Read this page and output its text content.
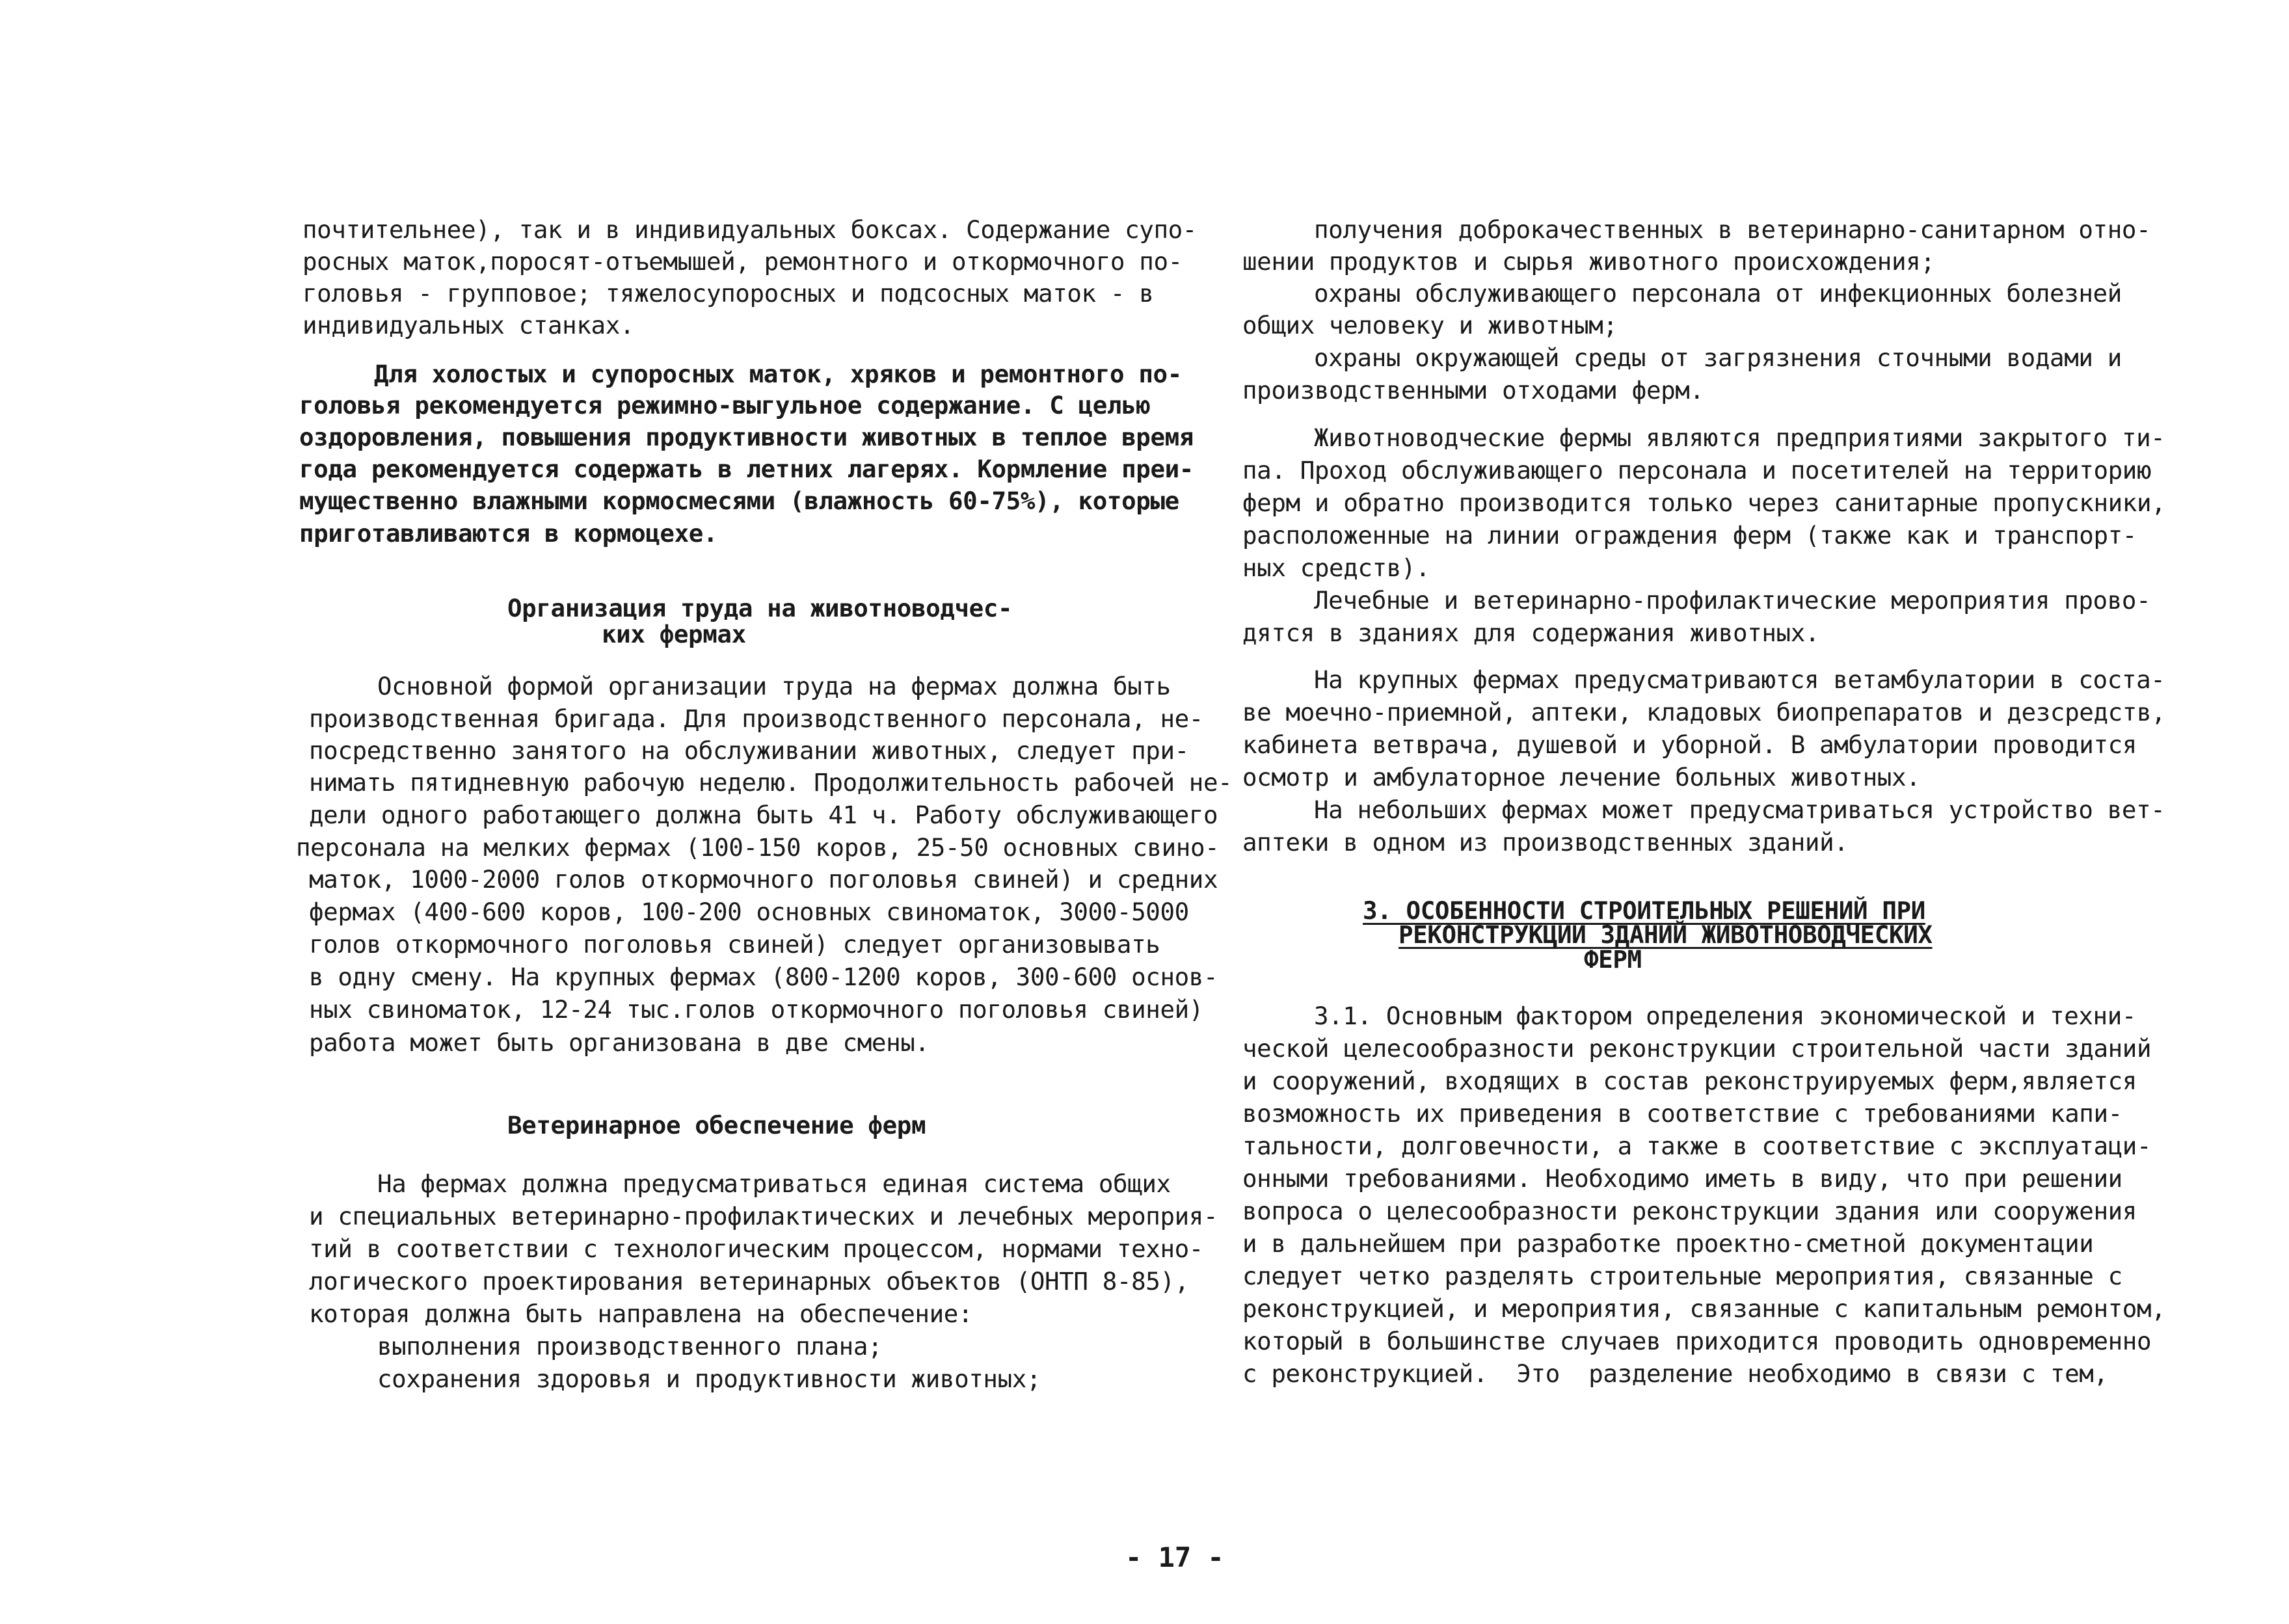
почтительнее), так и в индивидуальных боксах. Содержание супо-
росных маток,поросят-отъемышей, ремонтного и откормочного по-
головья - групповое; тяжелосупоросных и подсосных маток - в
индивидуальных станках.
Для холостых и супоросных маток, хряков и ремонтного по-
головья рекомендуется режимно-выгульное содержание. С целью
оздоровления, повышения продуктивности животных в теплое время
года рекомендуется содержать в летних лагерях. Кормление преи-
мущественно влажными кормосмесями (влажность 60-75%), которые
приготавливаются в кормоцехе.
Организация труда на животноводчес-
ких фермах
Основной формой организации труда на фермах должна быть
производственная бригада. Для производственного персонала, не-
посредственно занятого на обслуживании животных, следует при-
нимать пятидневную рабочую неделю. Продолжительность рабочей не-
дели одного работающего должна быть 41 ч. Работу обслуживающего
персонала на мелких фермах (100-150 коров, 25-50 основных свино-
маток, 1000-2000 голов откормочного поголовья свиней) и средних
фермах (400-600 коров, 100-200 основных свиноматок, 3000-5000
голов откормочного поголовья свиней) следует организовывать
в одну смену. На крупных фермах (800-1200 коров, 300-600 основ-
ных свиноматок, 12-24 тыс.голов откормочного поголовья свиней)
работа может быть организована в две смены.
Ветеринарное обеспечение ферм
На фермах должна предусматриваться единая система общих
и специальных ветеринарно-профилактических и лечебных мероприя-
тий в соответствии с технологическим процессом, нормами техно-
логического проектирования ветеринарных объектов (ОНТП 8-85),
которая должна быть направлена на обеспечение:
выполнения производственного плана;
сохранения здоровья и продуктивности животных;
получения доброкачественных в ветеринарно-санитарном отно-
шении продуктов и сырья животного происхождения;
охраны обслуживающего персонала от инфекционных болезней
общих человеку и животным;
охраны окружающей среды от загрязнения сточными водами и
производственными отходами ферм.
Животноводческие фермы являются предприятиями закрытого ти-
па. Проход обслуживающего персонала и посетителей на территорию
ферм и обратно производится только через санитарные пропускники,
расположенные на линии ограждения ферм (также как и транспорт-
ных средств).
Лечебные и ветеринарно-профилактические мероприятия прово-
дятся в зданиях для содержания животных.
На крупных фермах предусматриваются ветамбулатории в соста-
ве моечно-приемной, аптеки, кладовых биопрепаратов и дезсредств,
кабинета ветврача, душевой и уборной. В амбулатории проводится
осмотр и амбулаторное лечение больных животных.
На небольших фермах может предусматриваться устройство вет-
аптеки в одном из производственных зданий.
3. ОСОБЕННОСТИ СТРОИТЕЛЬНЫХ РЕШЕНИЙ ПРИ
РЕКОНСТРУКЦИИ ЗДАНИЙ ЖИВОТНОВОДЧЕСКИХ
ФЕРМ
3.1. Основным фактором определения экономической и техни-
ческой целесообразности реконструкции строительной части зданий
и сооружений, входящих в состав реконструируемых ферм,является
возможность их приведения в соответствие с требованиями капи-
тальности, долговечности, а также в соответствие с эксплуатаци-
онными требованиями. Необходимо иметь в виду, что при решении
вопроса о целесообразности реконструкции здания или сооружения
и в дальнейшем при разработке проектно-сметной документации
следует четко разделять строительные мероприятия, связанные с
реконструкцией, и мероприятия, связанные с капитальным ремонтом,
который в большинстве случаев приходится проводить одновременно
с реконструкцией.  Это  разделение необходимо в связи с тем,
- 17 -
